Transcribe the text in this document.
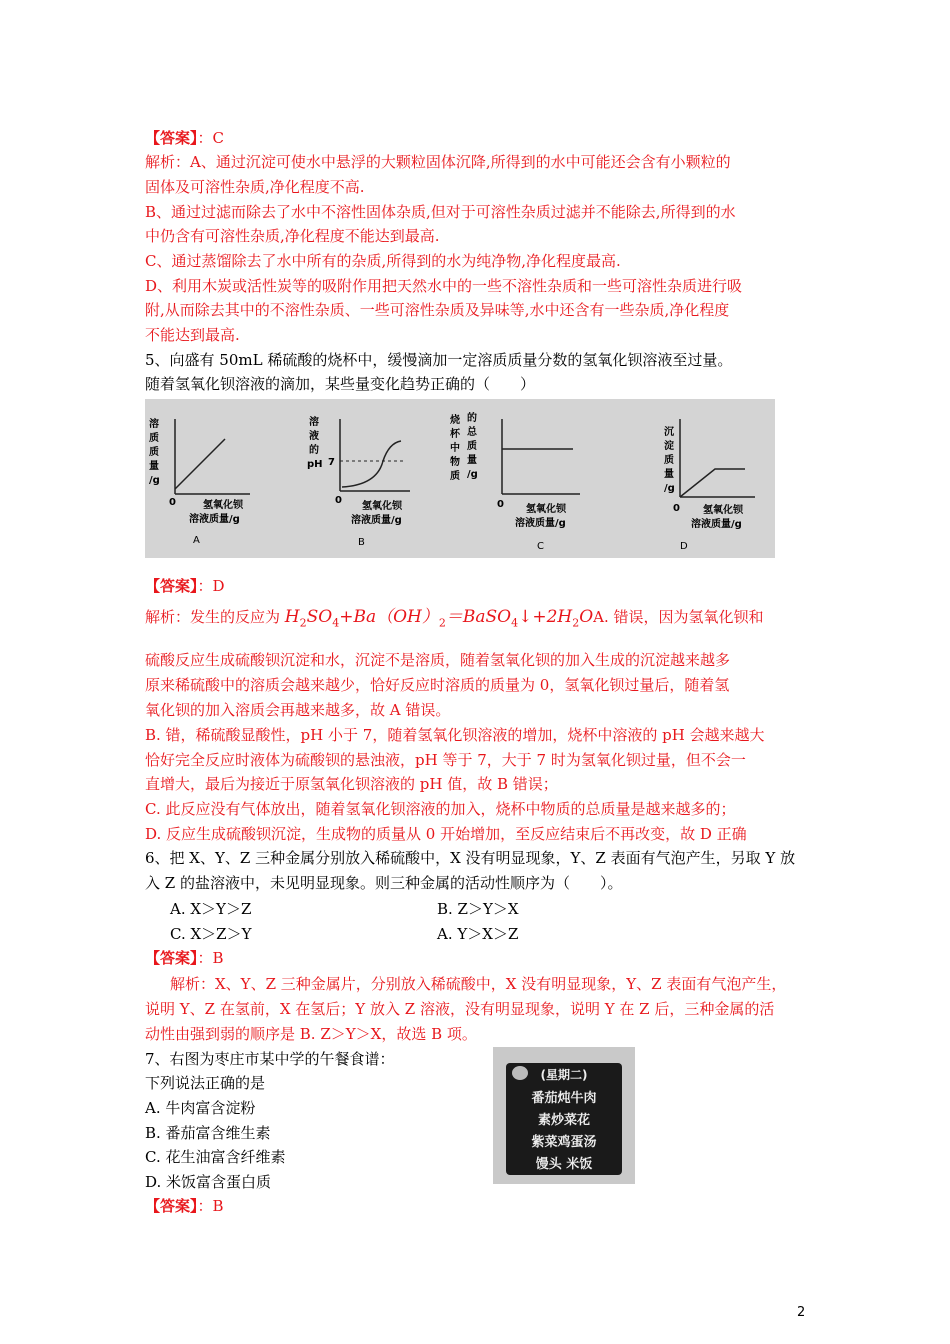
【答案】：C
解析：A、通过沉淀可使水中悬浮的大颗粒固体沉降,所得到的水中可能还会含有小颗粒的
固体及可溶性杂质,净化程度不高.
B、通过过滤而除去了水中不溶性固体杂质,但对于可溶性杂质过滤并不能除去,所得到的水
中仍含有可溶性杂质,净化程度不能达到最高.
C、通过蒸馏除去了水中所有的杂质,所得到的水为纯净物,净化程度最高.
D、利用木炭或活性炭等的吸附作用把天然水中的一些不溶性杂质和一些可溶性杂质进行吸
附,从而除去其中的不溶性杂质、一些可溶性杂质及异味等,水中还含有一些杂质,净化程度
不能达到最高.
5、向盛有 50mL 稀硫酸的烧杯中，缓慢滴加一定溶质质量分数的氢氧化钡溶液至过量。
随着氢氧化钡溶液的滴加，某些量变化趋势正确的（　　）
溶
质
质
量
/g
0	氢氧化钡
溶液质量/g
A
溶
液
的
pH 7
0
氢氧化钡
溶液质量/g
B
烧
杯
中
物
质
的
总
质
量
/g
0 氢氧化钡
溶液质量/g
C
沉
淀
质
量
/g
0 氢氧化钡
溶液质量/g
D
【答案】：D
解析：发生的反应为 $H_2SO_4+Ba(OH)_2=BaSO_4↓+2H_2OA$. 错误，因为氢氧化钡和
硫酸反应生成硫酸钡沉淀和水，沉淀不是溶质，随着氢氧化钡的加入生成的沉淀越来越多
原来稀硫酸中的溶质会越来越少，恰好反应时溶质的质量为 0，氢氧化钡过量后，随着氢
氧化钡的加入溶质会再越来越多，故 A 错误。
B. 错，稀硫酸显酸性，pH 小于 7，随着氢氧化钡溶液的增加，烧杯中溶液的 pH 会越来越大
恰好完全反应时液体为硫酸钡的悬浊液，pH 等于 7，大于 7 时为氢氧化钡过量，但不会一
直增大，最后为接近于原氢氧化钡溶液的 pH 值，故 B 错误；
C. 此反应没有气体放出，随着氢氧化钡溶液的加入，烧杯中物质的总质量是越来越多的；
D. 反应生成硫酸钡沉淀，生成物的质量从 0 开始增加，至反应结束后不再改变，故 D 正确
6、把 X、Y、Z 三种金属分别放入稀硫酸中，X 没有明显现象，Y、Z 表面有气泡产生，另取 Y 放
入 Z 的盐溶液中，未见明显现象。则三种金属的活动性顺序为（　　）。
A. X＞Y＞Z	B. Z＞Y＞X
C. X＞Z＞Y	A. Y＞X＞Z
【答案】：B
解析：X、Y、Z 三种金属片，分别放入稀硫酸中，X 没有明显现象，Y、Z 表面有气泡产生，
说明 Y、Z 在氢前，X 在氢后；Y 放入 Z 溶液，没有明显现象，说明 Y 在 Z 后，三种金属的活
动性由强到弱的顺序是 B. Z＞Y＞X，故选 B 项。
7、右图为枣庄市某中学的午餐食谱：
下列说法正确的是
A. 牛肉富含淀粉
B. 番茄富含维生素
C. 花生油富含纤维素
D. 米饭富含蛋白质
【答案】：B
(星期二)
番茄炖牛肉
素炒菜花
紫菜鸡蛋汤
馒头 米饭
2
